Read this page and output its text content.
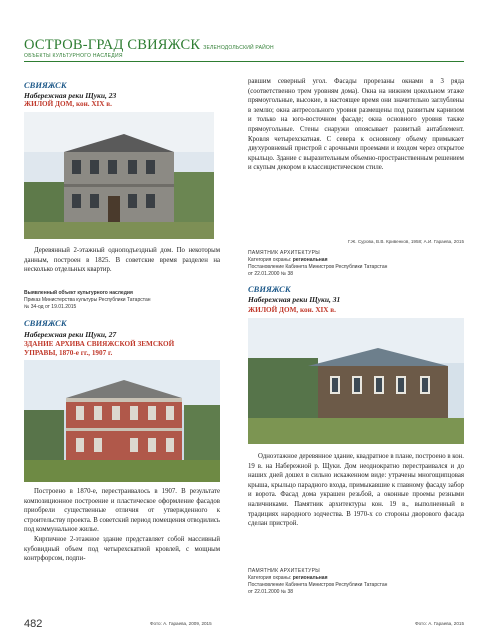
ОСТРОВ-ГРАД СВИЯЖСК ЗЕЛЕНОДОЛЬСКИЙ РАЙОН
ОБЪЕКТЫ КУЛЬТУРНОГО НАСЛЕДИЯ
СВИЯЖСК
Набережная реки Щуки, 23
ЖИЛОЙ ДОМ, кон. XIX в.

Деревянный 2-этажный одноподъездный дом. По некоторым данным, построен в 1825. В советские время разделен на несколько отдельных квартир.

Выявленный объект культурного наследия
Приказ Министерства культуры Республики Татарстан
№ 34-од от 19.01.2015
СВИЯЖСК
Набережная реки Щуки, 27
ЗДАНИЕ АРХИВА СВИЯЖСКОЙ ЗЕМСКОЙ
УПРАВЫ, 1870-е гг., 1907 г.

Построено в 1870-е, перестраивалось в 1907. В результате композиционное построение и пластическое оформление фасадов приобрели существенные отличия от утвержденного к строительству проекта. В советский период помещения отводились под коммунальное жилье.

Кирпичное 2-этажное здание представляет собой массивный кубовидный объем под четырехскатной кровлей, с мощным контрфорсом, подпи-

равшим северный угол. Фасады прорезаны окнами в 3 ряда (соответственно трем уровням дома). Окна на нижнем цокольном этаже прямоугольные, высокие, в настоящее время они значительно заглублены в землю; окна антресольного уровня размещены под развитым карнизом и только на юго-восточном фасаде; окна основного уровня также прямоугольные. Стены снаружи опоясывает развитый антаблемент. Кровля четырехскатная. С севера к основному объему примыкает двухуровневый пристрой с арочными проемами и входом через открытое крыльцо. Здание с выразительным объемно-пространственным решением и скупым декором в классицистическом стиле.

Г.Ж. Сурова, В.В. Кривенков, 1958; А.И. Гараева, 2015
ПАМЯТНИК АРХИТЕКТУРЫ
Категория охраны: региональная
Постановление Кабинета Министров Республики Татарстан
от 22.01.2000 № 38
СВИЯЖСК
Набережная реки Щуки, 31
ЖИЛОЙ ДОМ, кон. XIX в.

Одноэтажное деревянное здание, квадратное в плане, построено в кон. 19 в. на Набережной р. Щуки. Дом неоднократно перестраивался и до наших дней дошел в сильно искаженном виде: утрачены многощипцовая крыша, крыльцо парадного входа, примыкавшие к главному фасаду забор и ворота. Фасад дома украшен резьбой, а оконные проемы резными наличниками. Памятник архитектуры кон. 19 в., выполненный в традициях народного зодчества. В 1970-х со стороны дворового фасада сделан пристрой.

ПАМЯТНИК АРХИТЕКТУРЫ
Категория охраны: региональная
Постановление Кабинета Министров Республики Татарстан
от 22.01.2000 № 38
482	Фото: А. Гараева, 2009, 2015	Фото: А. Гараева, 2015
